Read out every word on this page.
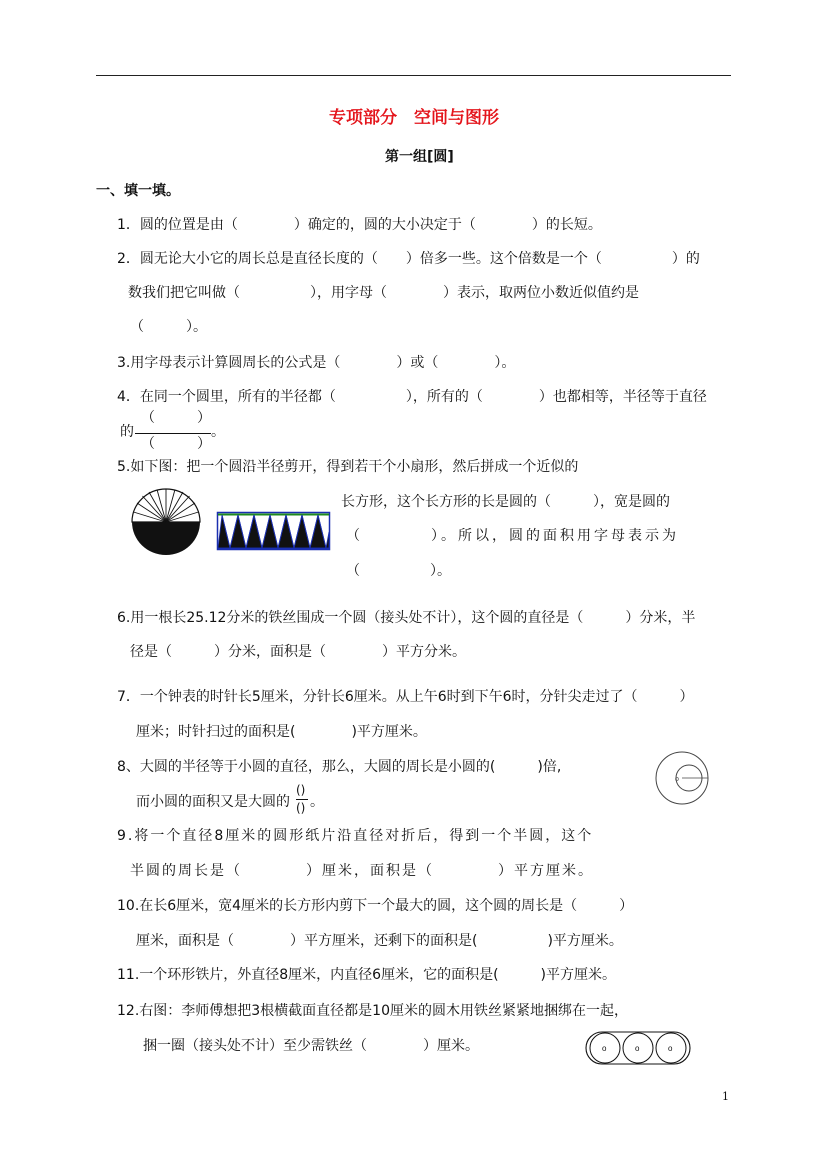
专项部分　空间与图形
第一组[圆]
一、填一填。
1．圆的位置是由（　　　　）确定的，圆的大小决定于（　　　　）的长短。
2．圆无论大小它的周长总是直径长度的（　　）倍多一些。这个倍数是一个（　　　　　）的
数我们把它叫做（　　　　　），用字母（　　　　）表示，取两位小数近似值约是
（　　　）。
3.用字母表示计算圆周长的公式是（　　　　）或（　　　　）。
4．在同一个圆里，所有的半径都（　　　　　），所有的（　　　　）也都相等，半径等于直径
的
（　　　）
（　　　）
。
5.如下图：把一个圆沿半径剪开，得到若干个小扇形，然后拼成一个近似的
长方形，这个长方形的长是圆的（　　　），宽是圆的
（　　　　）。所以，圆的面积用字母表示为
（　　　　　）。
6.用一根长25.12分米的铁丝围成一个圆（接头处不计），这个圆的直径是（　　　）分米，半
径是（　　　）分米，面积是（　　　　）平方分米。
7．一个钟表的时针长5厘米，分针长6厘米。从上午6时到下午6时，分针尖走过了（　　　）
厘米；时针扫过的面积是(　　　　)平方厘米。
8、大圆的半径等于小圆的直径，那么，大圆的周长是小圆的(　　　)倍,
而小圆的面积又是大圆的
()
() 。
o
9.将一个直径8厘米的圆形纸片沿直径对折后，得到一个半圆，这个
半圆的周长是（　　　　）厘米，面积是（　　　　）平方厘米。
10.在长6厘米，宽4厘米的长方形内剪下一个最大的圆，这个圆的周长是（　　　）
厘米，面积是（　　　　）平方厘米，还剩下的面积是(　　　　　)平方厘米。
11.一个环形铁片，外直径8厘米，内直径6厘米，它的面积是(　　　)平方厘米。
12.右图：李师傅想把3根横截面直径都是10厘米的圆木用铁丝紧紧地捆绑在一起，
捆一圈（接头处不计）至少需铁丝（　　　　）厘米。	o	o	o
1
